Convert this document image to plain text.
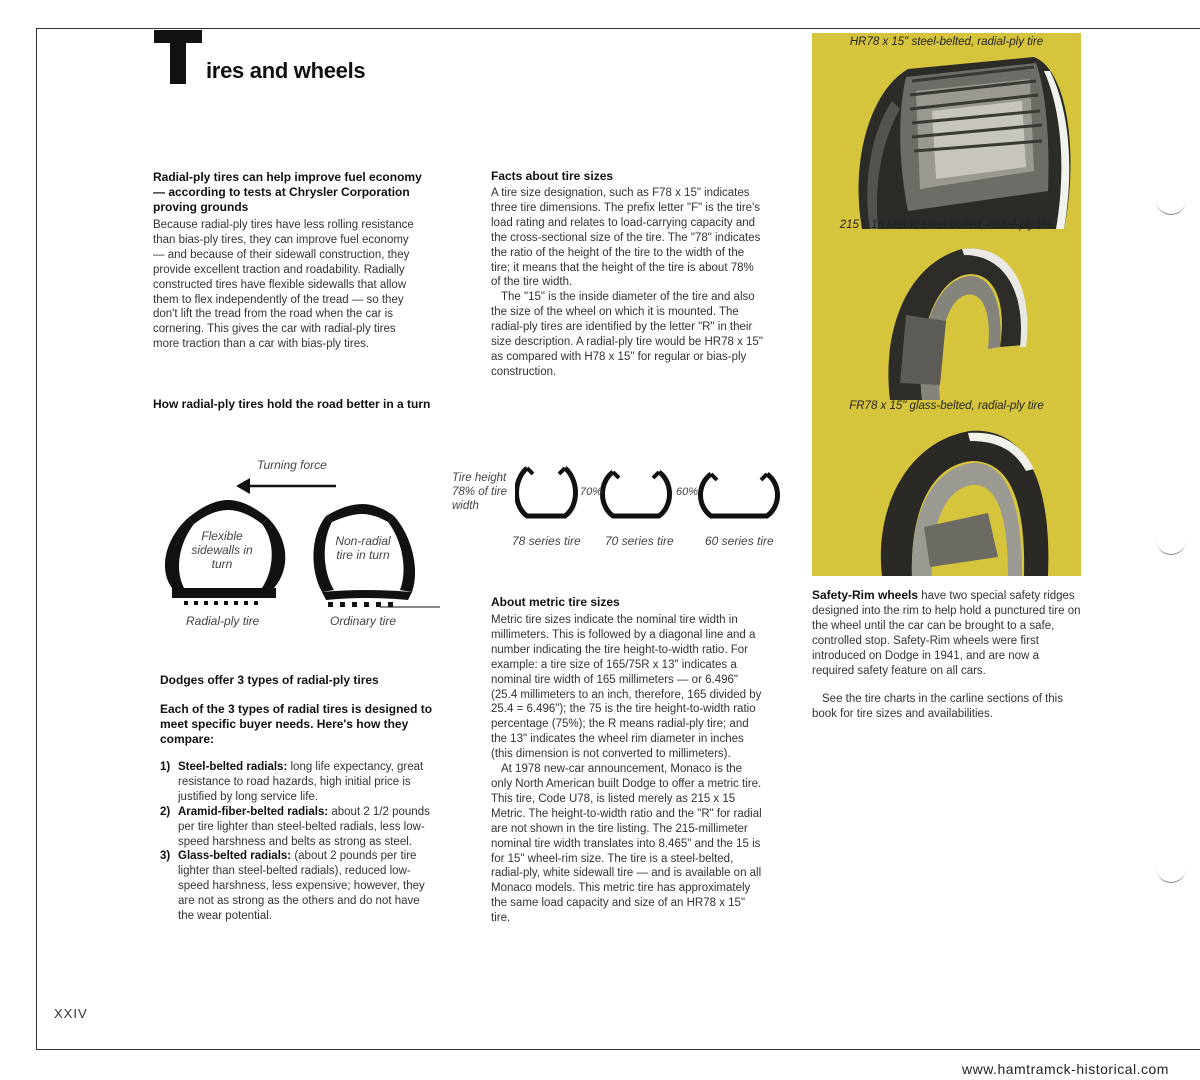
ires and wheels
Radial-ply tires can help improve fuel economy — according to tests at Chrysler Corporation proving grounds

Because radial-ply tires have less rolling resistance than bias-ply tires, they can improve fuel economy — and because of their sidewall construction, they provide excellent traction and roadability. Radially constructed tires have flexible sidewalls that allow them to flex independently of the tread — so they don't lift the tread from the road when the car is cornering. This gives the car with radial-ply tires more traction than a car with bias-ply tires.

How radial-ply tires hold the road better in a turn

Turning force

Flexible sidewalls in turn

Non-radial tire in turn

Radial-ply tire	Ordinary tire

Dodges offer 3 types of radial-ply tires
Each of the 3 types of radial tires is designed to meet specific buyer needs. Here's how they compare:
1) Steel-belted radials: long life expectancy, great resistance to road hazards, high initial price is justified by long service life.
2) Aramid-fiber-belted radials: about 2 1/2 pounds per tire lighter than steel-belted radials, less low-speed harshness and belts as strong as steel.
3) Glass-belted radials: (about 2 pounds per tire lighter than steel-belted radials), reduced low-speed harshness, less expensive; however, they are not as strong as the others and do not have the wear potential.
Facts about tire sizes

A tire size designation, such as F78 x 15" indicates three tire dimensions. The prefix letter "F" is the tire's load rating and relates to load-carrying capacity and the cross-sectional size of the tire. The "78" indicates the ratio of the height of the tire to the width of the tire; it means that the height of the tire is about 78% of the tire width.

The "15" is the inside diameter of the tire and also the size of the wheel on which it is mounted. The radial-ply tires are identified by the letter "R" in their size description. A radial-ply tire would be HR78 x 15" as compared with H78 x 15" for regular or bias-ply construction.

Tire height 78% of tire width

70%	60%

78 series tire 70 series tire	60 series tire

About metric tire sizes

Metric tire sizes indicate the nominal tire width in millimeters. This is followed by a diagonal line and a number indicating the tire height-to-width ratio. For example: a tire size of 165/75R x 13" indicates a nominal tire width of 165 millimeters — or 6.496" (25.4 millimeters to an inch, therefore, 165 divided by 25.4 = 6.496"); the 75 is the tire height-to-width ratio percentage (75%); the R means radial-ply tire; and the 13" indicates the wheel rim diameter in inches (this dimension is not converted to millimeters).

At 1978 new-car announcement, Monaco is the only North American built Dodge to offer a metric tire. This tire, Code U78, is listed merely as 215 x 15 Metric. The height-to-width ratio and the "R" for radial are not shown in the tire listing. The 215-millimeter nominal tire width translates into 8.465" and the 15 is for 15" wheel-rim size. The tire is a steel-belted, radial-ply, white sidewall tire — and is available on all Monaco models. This metric tire has approximately the same load capacity and size of an HR78 x 15" tire.

HR78 x 15" steel-belted, radial-ply tire

215 x 15 Metric steel-belted, radial-ply tire

FR78 x 15" glass-belted, radial-ply tire

Safety-Rim wheels have two special safety ridges designed into the rim to help hold a punctured tire on the wheel until the car can be brought to a safe, controlled stop. Safety-Rim wheels were first introduced on Dodge in 1941, and are now a required safety feature on all cars.

See the tire charts in the carline sections of this book for tire sizes and availabilities.

XXIV

www.hamtramck-historical.com
